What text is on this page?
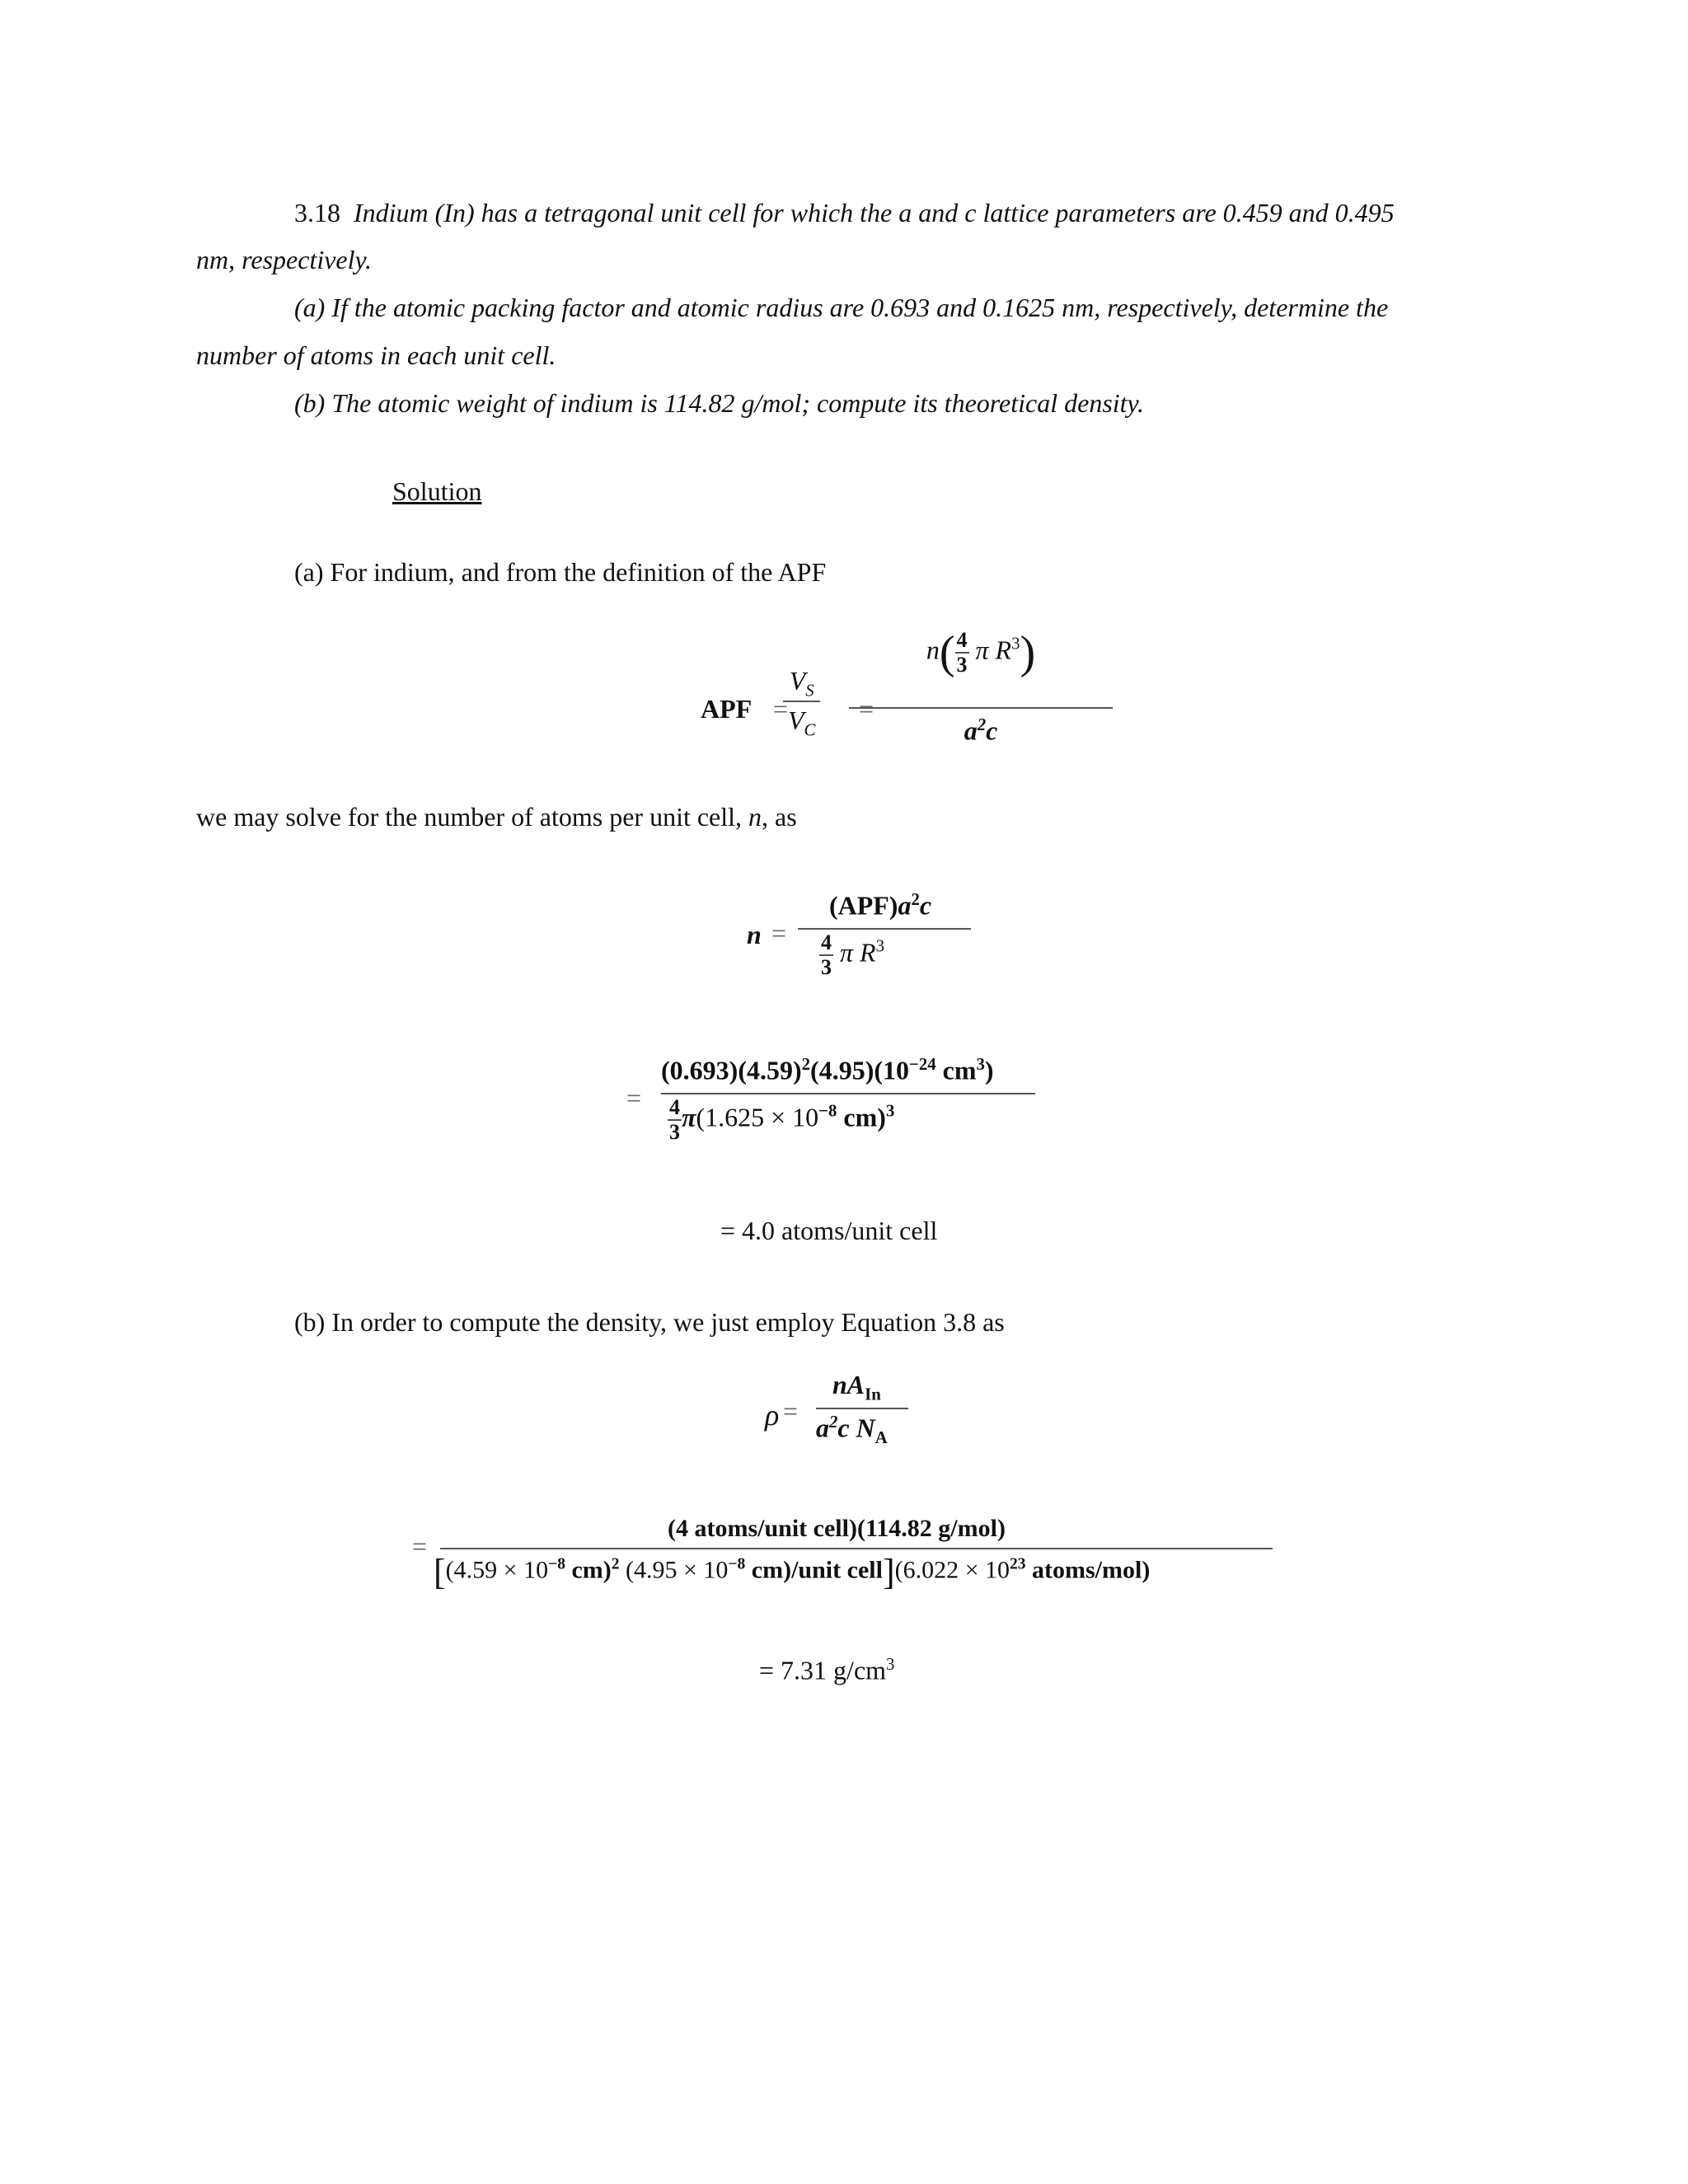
3.18 Indium (In) has a tetragonal unit cell for which the a and c lattice parameters are 0.459 and 0.495
nm, respectively.
(a) If the atomic packing factor and atomic radius are 0.693 and 0.1625 nm, respectively, determine the
number of atoms in each unit cell.
(b) The atomic weight of indium is 114.82 g/mol; compute its theoretical density.
Solution
(a) For indium, and from the definition of the APF
APF =
$\frac{V_S}{V_C}$ =
$n( \frac{4}{3}$ π $R^3$)
$a^2c$
we may solve for the number of atoms per unit cell, n, as
n =
$(APF)a^2c$
$\frac{4}{3}$ π $R^3$
=
$(0.693)(4.59)^2(4.95)(10^{-24}$ $cm^3$)
$\frac{4}{3} \pi(1.625 \times 10^{-8}$ cm)$^3$
= 4.0 atoms/unit cell
(b) In order to compute the density, we just employ Equation 3.8 as
ρ =
$nA_{In}$
$a^2c$ $N_A$
=
(4 atoms/unit cell)(114.82 g/mol)
[($4.59 \times 10^{-8}$ cm)$^2$ ($4.95 \times 10^{-8}$ cm)/unit cell](6.022 × $10^{23}$ atoms/mol)
= 7.31 $g/cm^3$
